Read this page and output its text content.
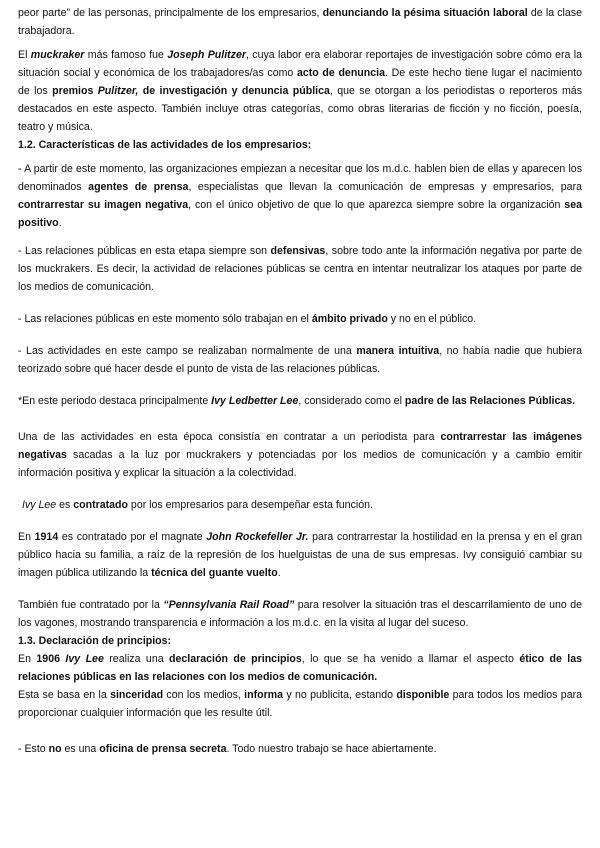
peor parte” de las personas, principalmente de los empresarios, denunciando la pésima situación laboral de la clase trabajadora.

El muckraker más famoso fue Joseph Pulitzer, cuya labor era elaborar reportajes de investigación sobre cómo era la situación social y económica de los trabajadores/as como acto de denuncia. De este hecho tiene lugar el nacimiento de los premios Pulitzer, de investigación y denuncia pública, que se otorgan a los periodistas o reporteros más destacados en este aspecto. También incluye otras categorías, como obras literarias de ficción y no ficción, poesía, teatro y música.

1.2. Características de las actividades de los empresarios:

- A partir de este momento, las organizaciones empiezan a necesitar que los m.d.c. hablen bien de ellas y aparecen los denominados agentes de prensa, especialistas que llevan la comunicación de empresas y empresarios, para contrarrestar su imagen negativa, con el único objetivo de que lo que aparezca siempre sobre la organización sea positivo.

- Las relaciones públicas en esta etapa siempre son defensivas, sobre todo ante la información negativa por parte de los muckrakers. Es decir, la actividad de relaciones públicas se centra en intentar neutralizar los ataques por parte de los medios de comunicación.

- Las relaciones públicas en este momento sólo trabajan en el ámbito privado y no en el público.

- Las actividades en este campo se realizaban normalmente de una manera intuitiva, no había nadie que hubiera teorizado sobre qué hacer desde el punto de vista de las relaciones públicas.

*En este periodo destaca principalmente Ivy Ledbetter Lee, considerado como el padre de las Relaciones Públicas.

Una de las actividades en esta época consistía en contratar a un periodista para contrarrestar las imágenes negativas sacadas a la luz por muckrakers y potenciadas por los medios de comunicación y a cambio emitir información positiva y explicar la situación a la colectividad.

Ivy Lee es contratado por los empresarios para desempeñar esta función.

En 1914 es contratado por el magnate John Rockefeller Jr. para contrarrestar la hostilidad en la prensa y en el gran público hacia su familia, a raíz de la represión de los huelguistas de una de sus empresas. Ivy consiguió cambiar su imagen pública utilizando la técnica del guante vuelto.

También fue contratado por la “Pennsylvania Rail Road” para resolver la situación tras el descarrilamiento de uno de los vagones, mostrando transparencia e información a los m.d.c. en la visita al lugar del suceso.

1.3. Declaración de principios:

En 1906 Ivy Lee realiza una declaración de principios, lo que se ha venido a llamar el aspecto ético de las relaciones públicas en las relaciones con los medios de comunicación.

Esta se basa en la sinceridad con los medios, informa y no publicita, estando disponible para todos los medios para proporcionar cualquier información que les resulte útil.

- Esto no es una oficina de prensa secreta. Todo nuestro trabajo se hace abiertamente.
